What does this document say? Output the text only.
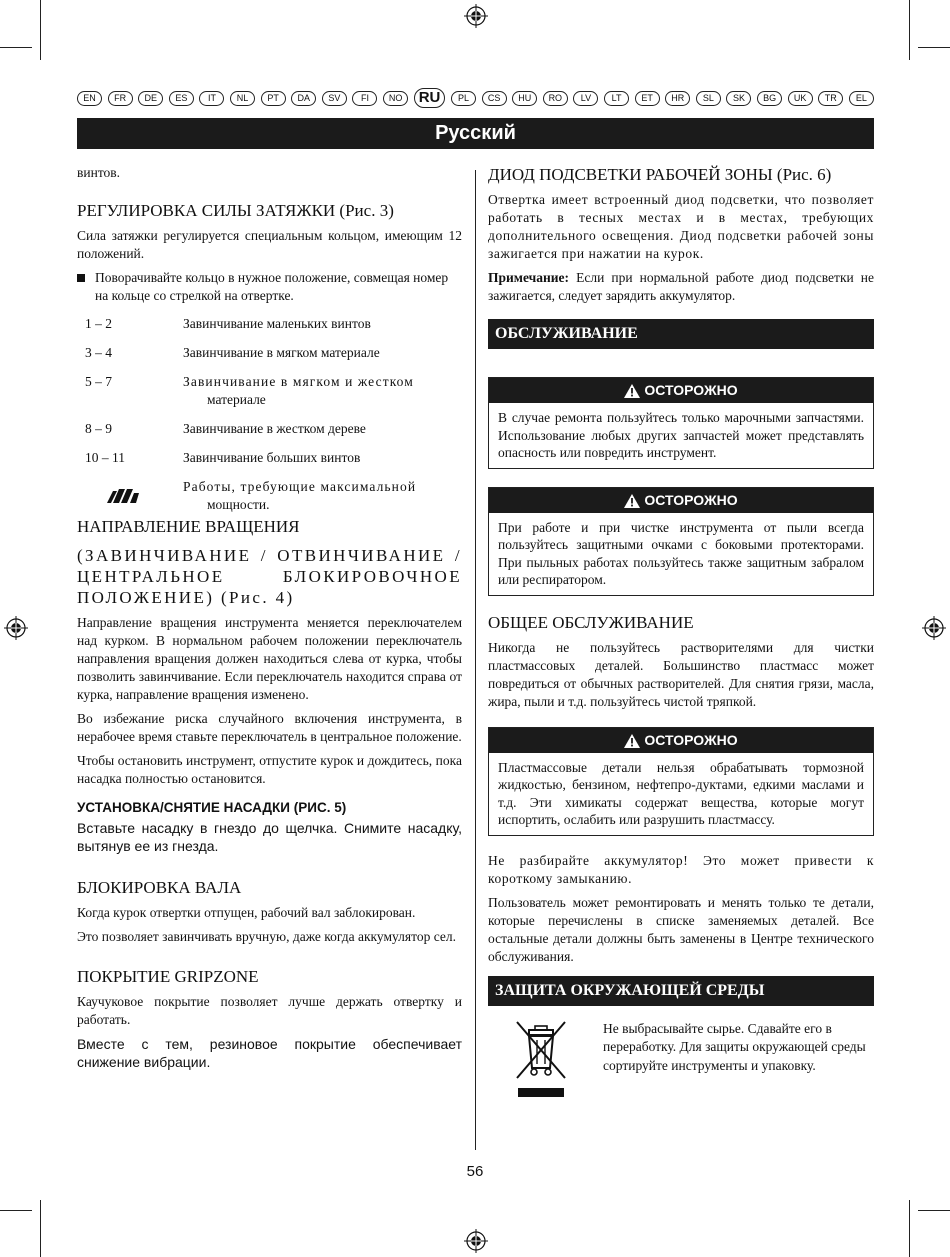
EN	FR	DE	ES	IT	NL	PT	DA	SV	FI	NO	RU	PL	CS	HU	RO	LV	LT	ET	HR	SL	SK	BG	UK	TR	EL
Русский

винтов.

РЕГУЛИРОВКА СИЛЫ ЗАТЯЖКИ (Рис. 3)

Сила затяжки регулируется специальным кольцом, имеющим 12 положений.

Поворачивайте кольцо в нужное положение, совмещая номер на кольце со стрелкой на отвертке.
1 – 2	Завинчивание маленьких винтов
3 – 4	Завинчивание в мягком материале
5 – 7	Завинчивание в мягком и жестком
материале
8 – 9	Завинчивание в жестком дереве
10 – 11	Завинчивание больших винтов
Работы, требующие максимальной
мощности.
НАПРАВЛЕНИЕ ВРАЩЕНИЯ
(ЗАВИНЧИВАНИЕ / ОТВИНЧИВАНИЕ / ЦЕНТРАЛЬНОЕ БЛОКИРОВОЧНОЕ ПОЛОЖЕНИЕ) (Рис. 4)

Направление вращения инструмента меняется переключателем над курком. В нормальном рабочем положении переключатель направления вращения должен находиться слева от курка, чтобы позволить завинчивание. Если переключатель находится справа от курка, направление вращения изменено.

Во избежание риска случайного включения инструмента, в нерабочее время ставьте переключатель в центральное положение.

Чтобы остановить инструмент, отпустите курок и дождитесь, пока насадка полностью остановится.

УСТАНОВКА/СНЯТИЕ НАСАДКИ (РИС. 5)

Вставьте насадку в гнездо до щелчка. Снимите насадку, вытянув ее из гнезда.

БЛОКИРОВКА ВАЛА

Когда курок отвертки отпущен, рабочий вал заблокирован.

Это позволяет завинчивать вручную, даже когда аккумулятор сел.

ПОКРЫТИЕ GRIPZONE

Каучуковое покрытие позволяет лучше держать отвертку и работать.

Вместе с тем, резиновое покрытие обеспечивает снижение вибрации.

ДИОД ПОДСВЕТКИ РАБОЧЕЙ ЗОНЫ (Рис. 6)

Отвертка имеет встроенный диод подсветки, что позволяет работать в тесных местах и в местах, требующих дополнительного освещения. Диод подсветки рабочей зоны зажигается при нажатии на курок.

Примечание: Если при нормальной работе диод подсветки не зажигается, следует зарядить аккумулятор.

ОБСЛУЖИВАНИЕ
ОСТОРОЖНО
В случае ремонта пользуйтесь только марочными запчастями. Использование любых других запчастей может представлять опасность или повредить инструмент.
ОСТОРОЖНО
При работе и при чистке инструмента от пыли всегда пользуйтесь защитными очками с боковыми протекторами. При пыльных работах пользуйтесь также защитным забралом или респиратором.
ОБЩЕЕ ОБСЛУЖИВАНИЕ

Никогда не пользуйтесь растворителями для чистки пластмассовых деталей. Большинство пластмасс может повредиться от обычных растворителей. Для снятия грязи, масла, жира, пыли и т.д. пользуйтесь чистой тряпкой.

ОСТОРОЖНО
Пластмассовые детали нельзя обрабатывать тормозной жидкостью, бензином, нефтепро-дуктами, едкими маслами и т.д. Эти химикаты содержат вещества, которые могут испортить, ослабить или разрушить пластмассу.

Не разбирайте аккумулятор! Это может привести к короткому замыканию.

Пользователь может ремонтировать и менять только те детали, которые перечислены в списке заменяемых деталей. Все остальные детали должны быть заменены в Центре технического обслуживания.

ЗАЩИТА ОКРУЖАЮЩЕЙ СРЕДЫ
Не выбрасывайте сырье. Сдавайте его в переработку. Для защиты окружающей среды сортируйте инструменты и упаковку.
56
